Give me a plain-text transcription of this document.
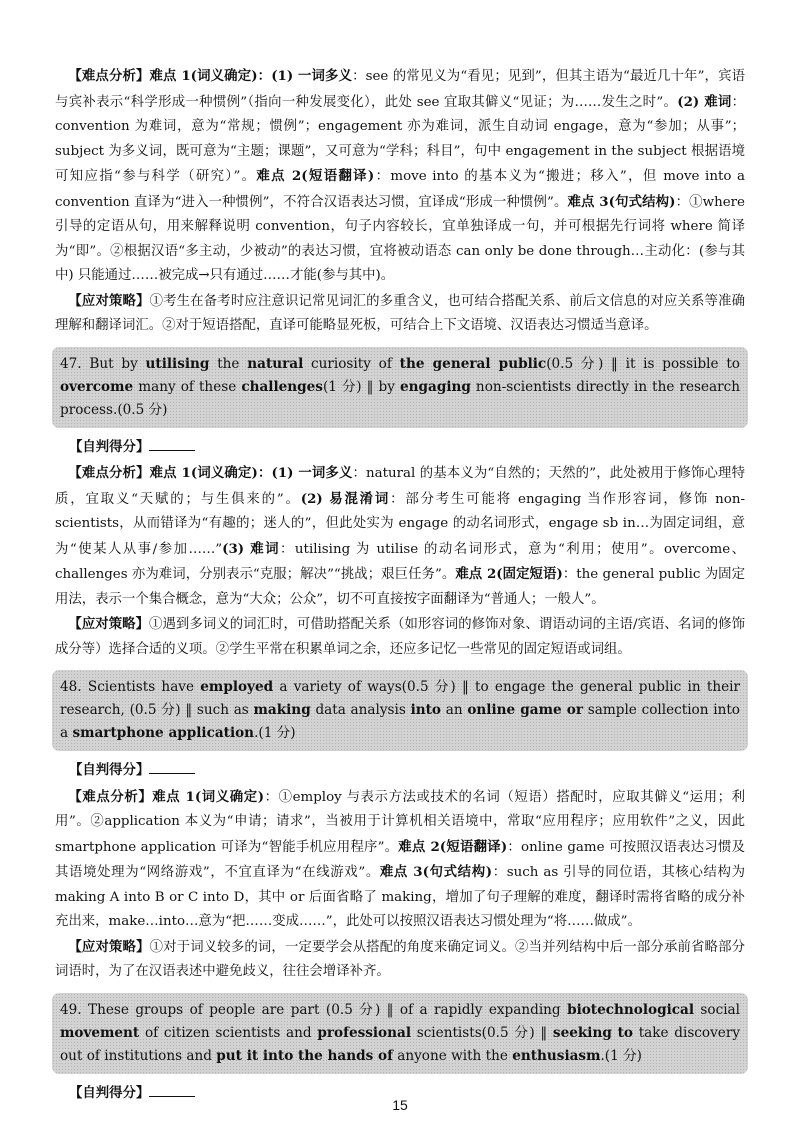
【难点分析】难点 1(词义确定)：(1) 一词多义：see 的常见义为“看见；见到”，但其主语为“最近几十年”，宾语与宾补表示“科学形成一种惯例”（指向一种发展变化），此处 see 宜取其僻义“见证；为……发生之时”。(2) 难词：convention 为难词，意为“常规；惯例”；engagement 亦为难词，派生自动词 engage，意为“参加；从事”；subject 为多义词，既可意为“主题；课题”，又可意为“学科；科目”，句中 engagement in the subject 根据语境可知应指“参与科学（研究）”。难点 2(短语翻译)：move into 的基本义为“搬进；移入”，但 move into a convention 直译为“进入一种惯例”，不符合汉语表达习惯，宜译成“形成一种惯例”。难点 3(句式结构)：①where 引导的定语从句，用来解释说明 convention，句子内容较长，宜单独译成一句，并可根据先行词将 where 简译为“即”。②根据汉语“多主动，少被动”的表达习惯，宜将被动语态 can only be done through…主动化：(参与其中) 只能通过……被完成→只有通过……才能(参与其中)。

【应对策略】①考生在备考时应注意识记常见词汇的多重含义，也可结合搭配关系、前后文信息的对应关系等准确理解和翻译词汇。②对于短语搭配，直译可能略显死板，可结合上下文语境、汉语表达习惯适当意译。

47. But by utilising the natural curiosity of the general public(0.5 分) ‖ it is possible to overcome many of these challenges(1 分) ‖ by engaging non-scientists directly in the research process.(0.5 分)
【自判得分】

【难点分析】难点 1(词义确定)：(1) 一词多义：natural 的基本义为“自然的；天然的”，此处被用于修饰心理特质，宜取义“天赋的；与生俱来的”。(2) 易混淆词：部分考生可能将 engaging 当作形容词，修饰 non-scientists，从而错译为“有趣的；迷人的”，但此处实为 engage 的动名词形式，engage sb in…为固定词组，意为“使某人从事/参加……”(3) 难词：utilising 为 utilise 的动名词形式，意为“利用；使用”。overcome、challenges 亦为难词，分别表示“克服；解决”“挑战；艰巨任务”。难点 2(固定短语)：the general public 为固定用法，表示一个集合概念，意为“大众；公众”，切不可直接按字面翻译为“普通人；一般人”。

【应对策略】①遇到多词义的词汇时，可借助搭配关系（如形容词的修饰对象、谓语动词的主语/宾语、名词的修饰成分等）选择合适的义项。②学生平常在积累单词之余，还应多记忆一些常见的固定短语或词组。

48. Scientists have employed a variety of ways(0.5 分) ‖ to engage the general public in their research, (0.5 分) ‖ such as making data analysis into an online game or sample collection into a smartphone application.(1 分)
【自判得分】

【难点分析】难点 1(词义确定)：①employ 与表示方法或技术的名词（短语）搭配时，应取其僻义“运用；利用”。②application 本义为“申请；请求”，当被用于计算机相关语境中，常取“应用程序；应用软件”之义，因此 smartphone application 可译为“智能手机应用程序”。难点 2(短语翻译)：online game 可按照汉语表达习惯及其语境处理为“网络游戏”，不宜直译为“在线游戏”。难点 3(句式结构)：such as 引导的同位语，其核心结构为 making A into B or C into D，其中 or 后面省略了 making，增加了句子理解的难度，翻译时需将省略的成分补充出来，make…into…意为“把……变成……”，此处可以按照汉语表达习惯处理为“将……做成”。

【应对策略】①对于词义较多的词，一定要学会从搭配的角度来确定词义。②当并列结构中后一部分承前省略部分词语时，为了在汉语表述中避免歧义，往往会增译补齐。

49. These groups of people are part (0.5 分) ‖ of a rapidly expanding biotechnological social movement of citizen scientists and professional scientists(0.5 分) ‖ seeking to take discovery out of institutions and put it into the hands of anyone with the enthusiasm.(1 分)
【自判得分】
15
